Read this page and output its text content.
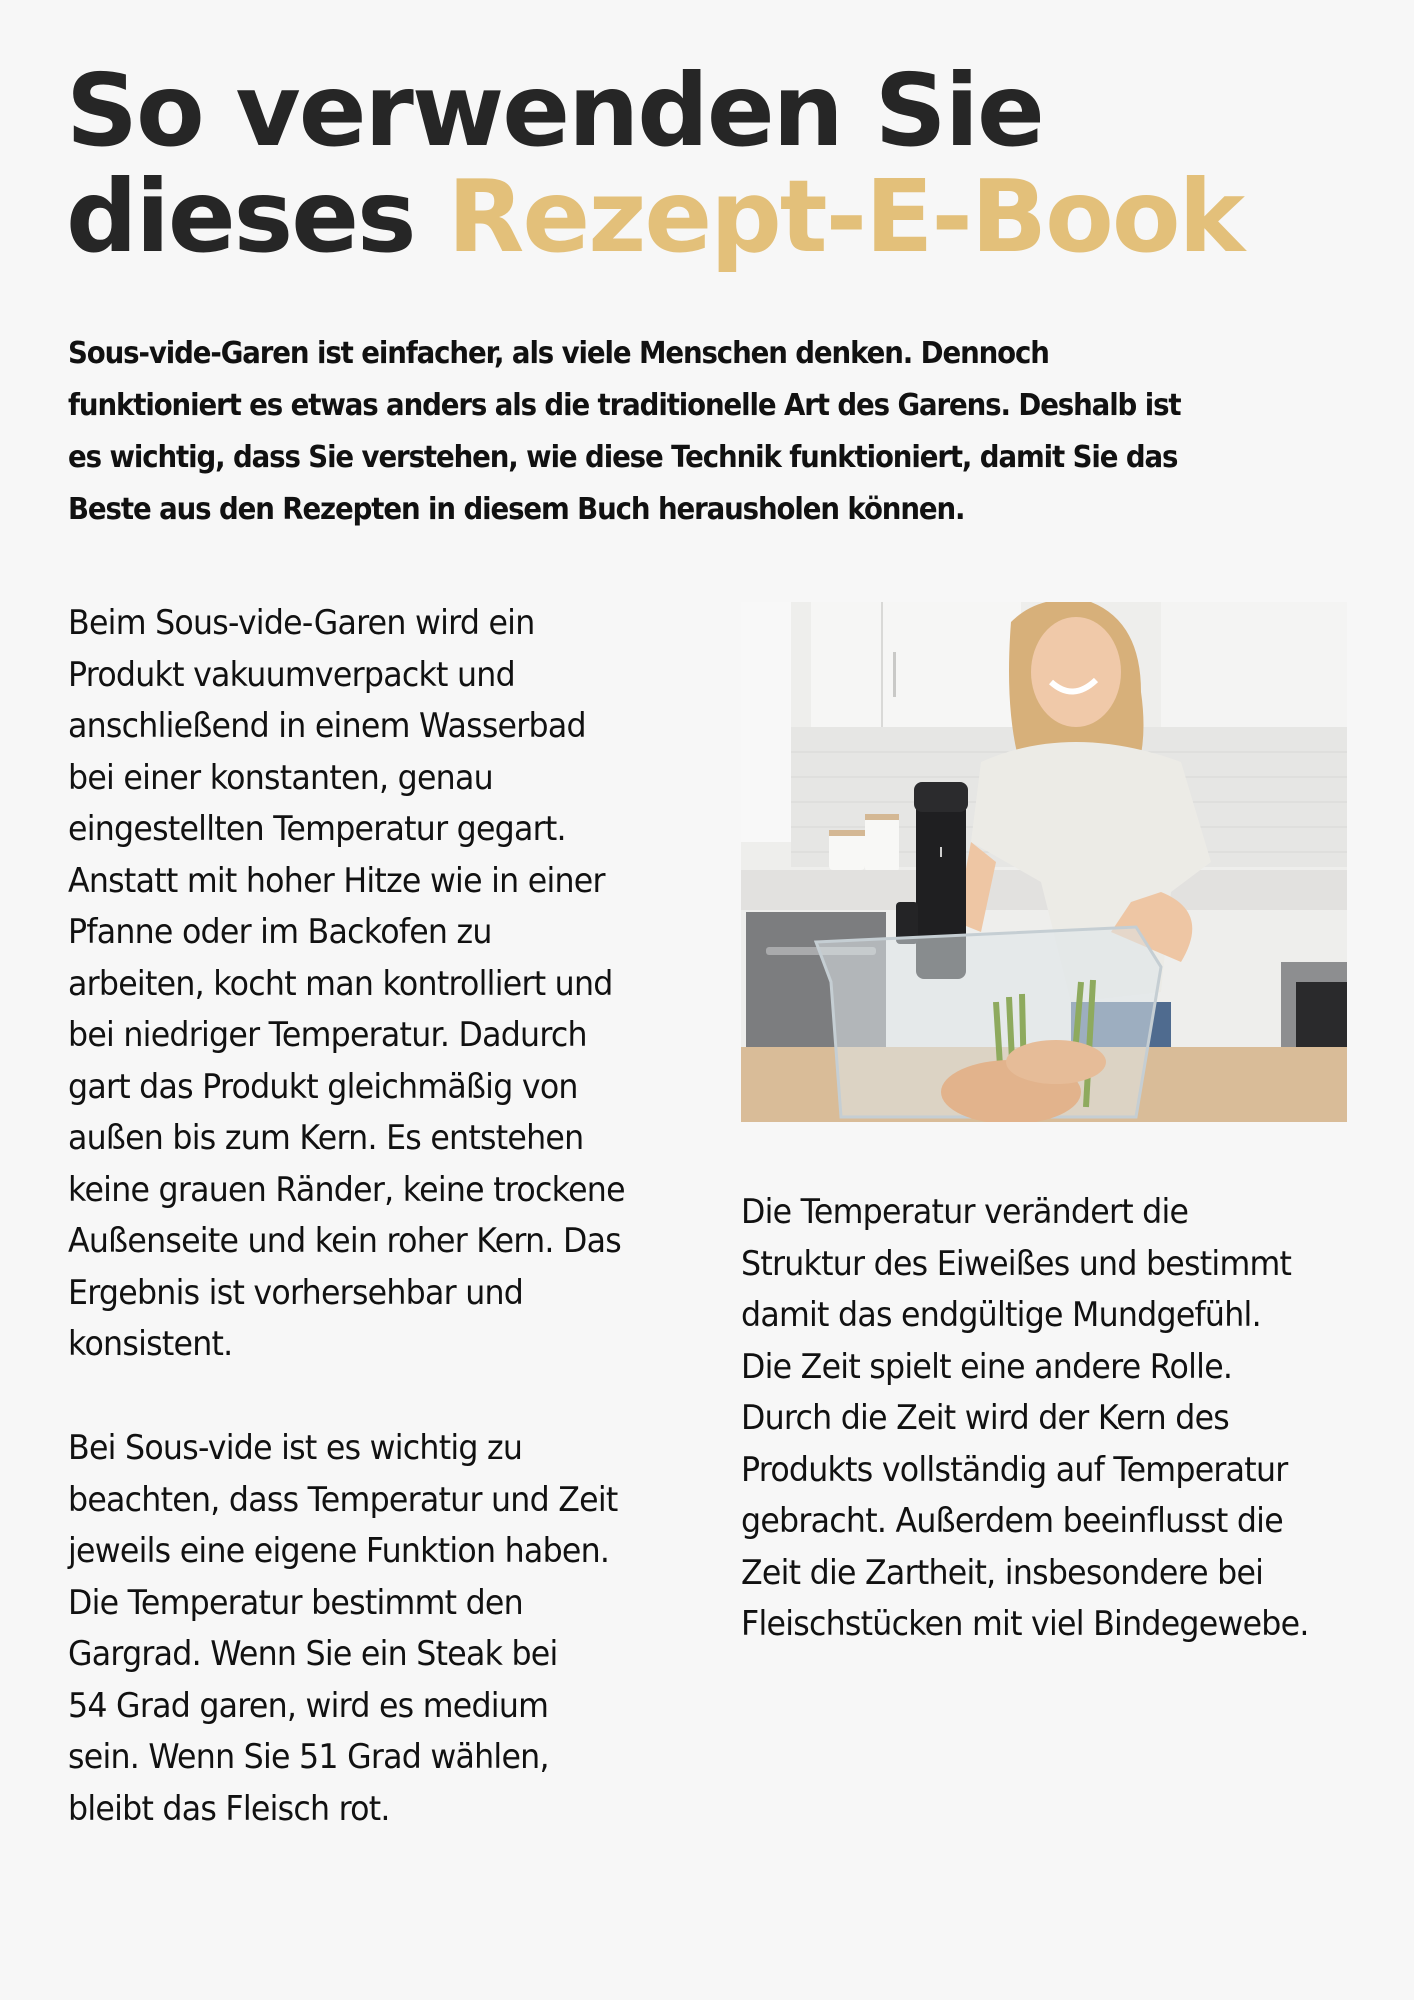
So verwenden Sie
dieses Rezept-E-Book
Sous-vide-Garen ist einfacher, als viele Menschen denken. Dennoch
funktioniert es etwas anders als die traditionelle Art des Garens. Deshalb ist
es wichtig, dass Sie verstehen, wie diese Technik funktioniert, damit Sie das
Beste aus den Rezepten in diesem Buch herausholen können.
Beim Sous-vide-Garen wird ein
Produkt vakuumverpackt und
anschließend in einem Wasserbad
bei einer konstanten, genau
eingestellten Temperatur gegart.
Anstatt mit hoher Hitze wie in einer
Pfanne oder im Backofen zu
arbeiten, kocht man kontrolliert und
bei niedriger Temperatur. Dadurch
gart das Produkt gleichmäßig von
außen bis zum Kern. Es entstehen
keine grauen Ränder, keine trockene
Außenseite und kein roher Kern. Das
Ergebnis ist vorhersehbar und
konsistent.
Bei Sous-vide ist es wichtig zu
beachten, dass Temperatur und Zeit
jeweils eine eigene Funktion haben.
Die Temperatur bestimmt den
Gargrad. Wenn Sie ein Steak bei
54 Grad garen, wird es medium
sein. Wenn Sie 51 Grad wählen,
bleibt das Fleisch rot.
Die Temperatur verändert die
Struktur des Eiweißes und bestimmt
damit das endgültige Mundgefühl.
Die Zeit spielt eine andere Rolle.
Durch die Zeit wird der Kern des
Produkts vollständig auf Temperatur
gebracht. Außerdem beeinflusst die
Zeit die Zartheit, insbesondere bei
Fleischstücken mit viel Bindegewebe.
